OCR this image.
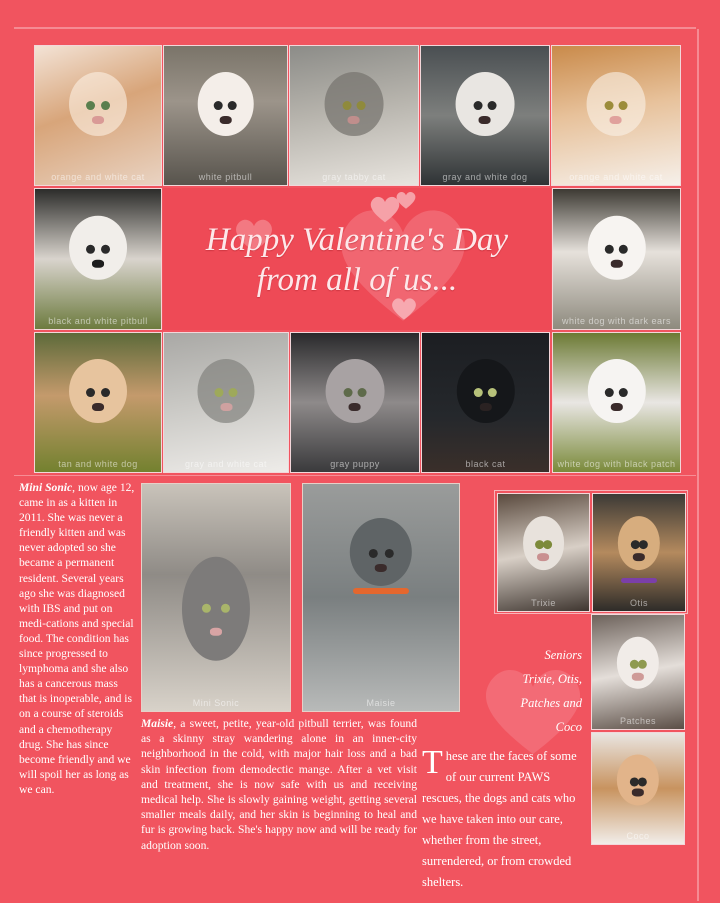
orange and white cat	white pitbull	gray tabby cat	gray and white dog	orange and white cat
black and white pitbull	white dog with dark ears
Happy Valentine's Day
from all of us...
tan and white dog	gray and white cat	gray puppy	black cat	white dog with black patch
Mini Sonic, now age 12, came in as a kitten in 2011. She was never a friendly kitten and was never adopted so she became a permanent resident. Several years ago she was diagnosed with IBS and put on medi-cations and special food. The condition has since progressed to lymphoma and she also has a cancerous mass that is inoperable, and is on a course of steroids and a chemotherapy drug. She has since become friendly and we will spoil her as long as we can.
Mini Sonic	Maisie
Maisie, a sweet, petite, year-old pitbull terrier, was found as a skinny stray wandering alone in an inner-city neighborhood in the cold, with major hair loss and a bad skin infection from demodectic mange. After a vet visit and treatment, she is now safe with us and receiving medical help. She is slowly gaining weight, getting several smaller meals daily, and her skin is beginning to heal and fur is growing back. She's happy now and will be ready for adoption soon.
Trixie	Otis
Patches
Coco
Seniors
Trixie, Otis,
Patches and
Coco
These are the faces of some of our current PAWS rescues, the dogs and cats who we have taken into our care, whether from the street, surrendered, or from crowded shelters.
